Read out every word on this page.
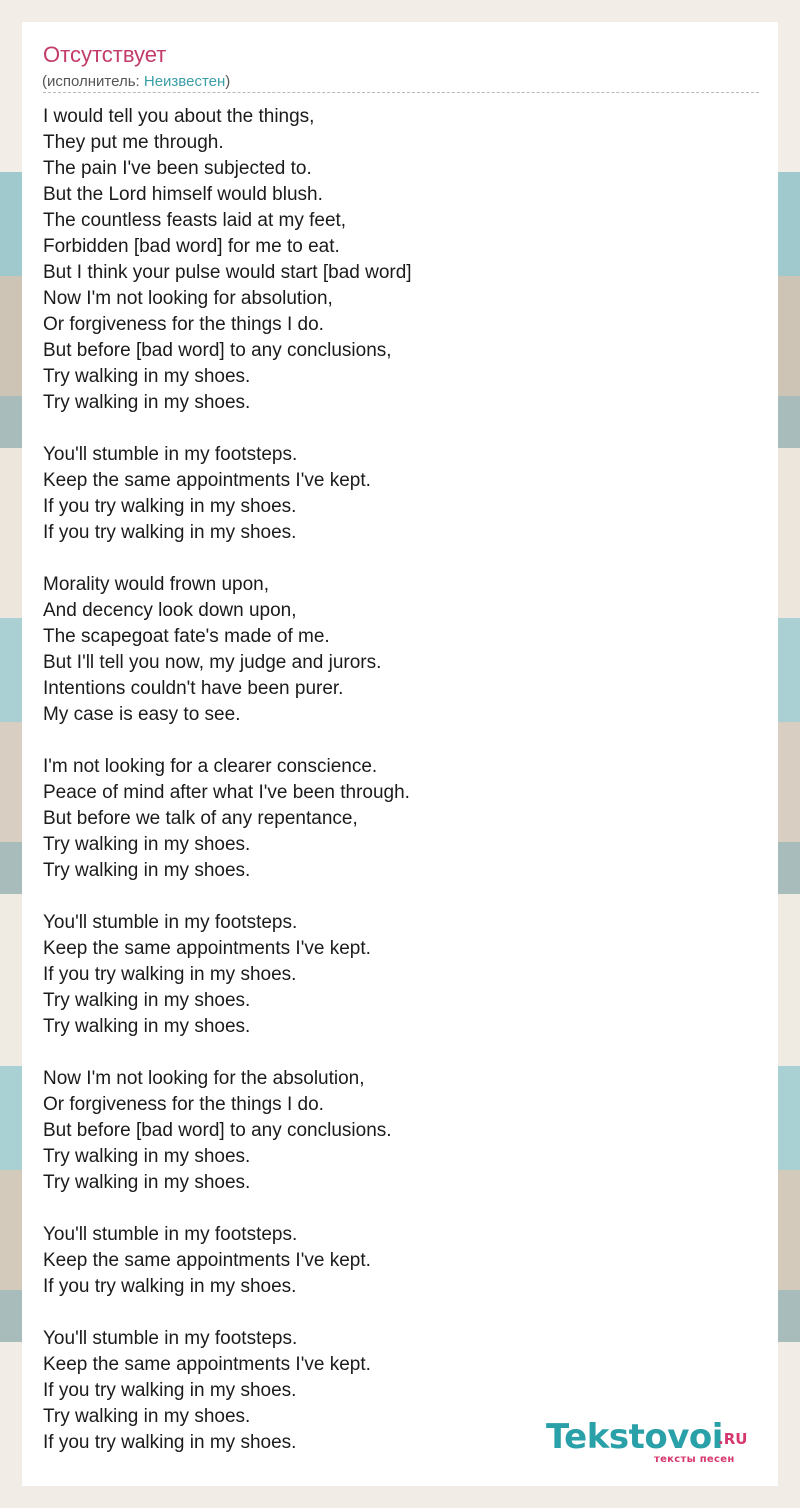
Отсутствует
(исполнитель: Неизвестен)
I would tell you about the things,
They put me through.
The pain I've been subjected to.
But the Lord himself would blush.
The countless feasts laid at my feet,
Forbidden [bad word] for me to eat.
But I think your pulse would start [bad word]
Now I'm not looking for absolution,
Or forgiveness for the things I do.
But before [bad word] to any conclusions,
Try walking in my shoes.
Try walking in my shoes.
You'll stumble in my footsteps.
Keep the same appointments I've kept.
If you try walking in my shoes.
If you try walking in my shoes.
Morality would frown upon,
And decency look down upon,
The scapegoat fate's made of me.
But I'll tell you now, my judge and jurors.
Intentions couldn't have been purer.
My case is easy to see.
I'm not looking for a clearer conscience.
Peace of mind after what I've been through.
But before we talk of any repentance,
Try walking in my shoes.
Try walking in my shoes.
You'll stumble in my footsteps.
Keep the same appointments I've kept.
If you try walking in my shoes.
Try walking in my shoes.
Try walking in my shoes.
Now I'm not looking for the absolution,
Or forgiveness for the things I do.
But before [bad word] to any conclusions.
Try walking in my shoes.
Try walking in my shoes.
You'll stumble in my footsteps.
Keep the same appointments I've kept.
If you try walking in my shoes.
You'll stumble in my footsteps.
Keep the same appointments I've kept.
If you try walking in my shoes.
Try walking in my shoes.
If you try walking in my shoes.	Tekstovoi
.RU
тексты песен
